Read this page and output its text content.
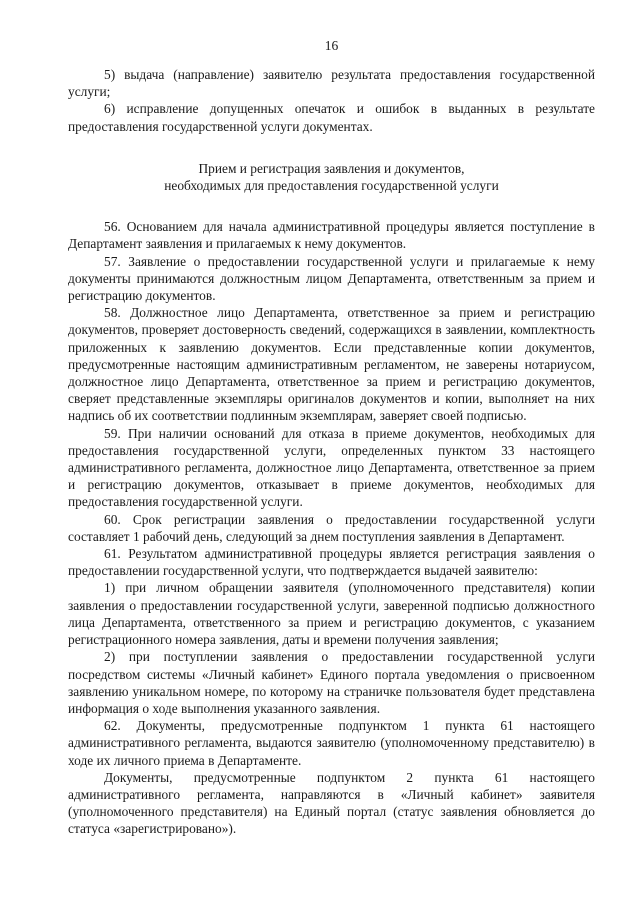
16

5) выдача (направление) заявителю результата предоставления государственной услуги;

6) исправление допущенных опечаток и ошибок в выданных в результате предоставления государственной услуги документах.

Прием и регистрация заявления и документов,
необходимых для предоставления государственной услуги

56. Основанием для начала административной процедуры является поступление в Департамент заявления и прилагаемых к нему документов.

57. Заявление о предоставлении государственной услуги и прилагаемые к нему документы принимаются должностным лицом Департамента, ответственным за прием и регистрацию документов.

58. Должностное лицо Департамента, ответственное за прием и регистрацию документов, проверяет достоверность сведений, содержащихся в заявлении, комплектность приложенных к заявлению документов. Если представленные копии документов, предусмотренные настоящим административным регламентом, не заверены нотариусом, должностное лицо Департамента, ответственное за прием и регистрацию документов, сверяет представленные экземпляры оригиналов документов и копии, выполняет на них надпись об их соответствии подлинным экземплярам, заверяет своей подписью.

59. При наличии оснований для отказа в приеме документов, необходимых для предоставления государственной услуги, определенных пунктом 33 настоящего административного регламента, должностное лицо Департамента, ответственное за прием и регистрацию документов, отказывает в приеме документов, необходимых для предоставления государственной услуги.

60. Срок регистрации заявления о предоставлении государственной услуги составляет 1 рабочий день, следующий за днем поступления заявления в Департамент.

61. Результатом административной процедуры является регистрация заявления о предоставлении государственной услуги, что подтверждается выдачей заявителю:

1) при личном обращении заявителя (уполномоченного представителя) копии заявления о предоставлении государственной услуги, заверенной подписью должностного лица Департамента, ответственного за прием и регистрацию документов, с указанием регистрационного номера заявления, даты и времени получения заявления;

2) при поступлении заявления о предоставлении государственной услуги посредством системы «Личный кабинет» Единого портала уведомления о присвоенном заявлению уникальном номере, по которому на страничке пользователя будет представлена информация о ходе выполнения указанного заявления.

62. Документы, предусмотренные подпунктом 1 пункта 61 настоящего административного регламента, выдаются заявителю (уполномоченному представителю) в ходе их личного приема в Департаменте.

Документы, предусмотренные подпунктом 2 пункта 61 настоящего административного регламента, направляются в «Личный кабинет» заявителя (уполномоченного представителя) на Единый портал (статус заявления обновляется до статуса «зарегистрировано»).
